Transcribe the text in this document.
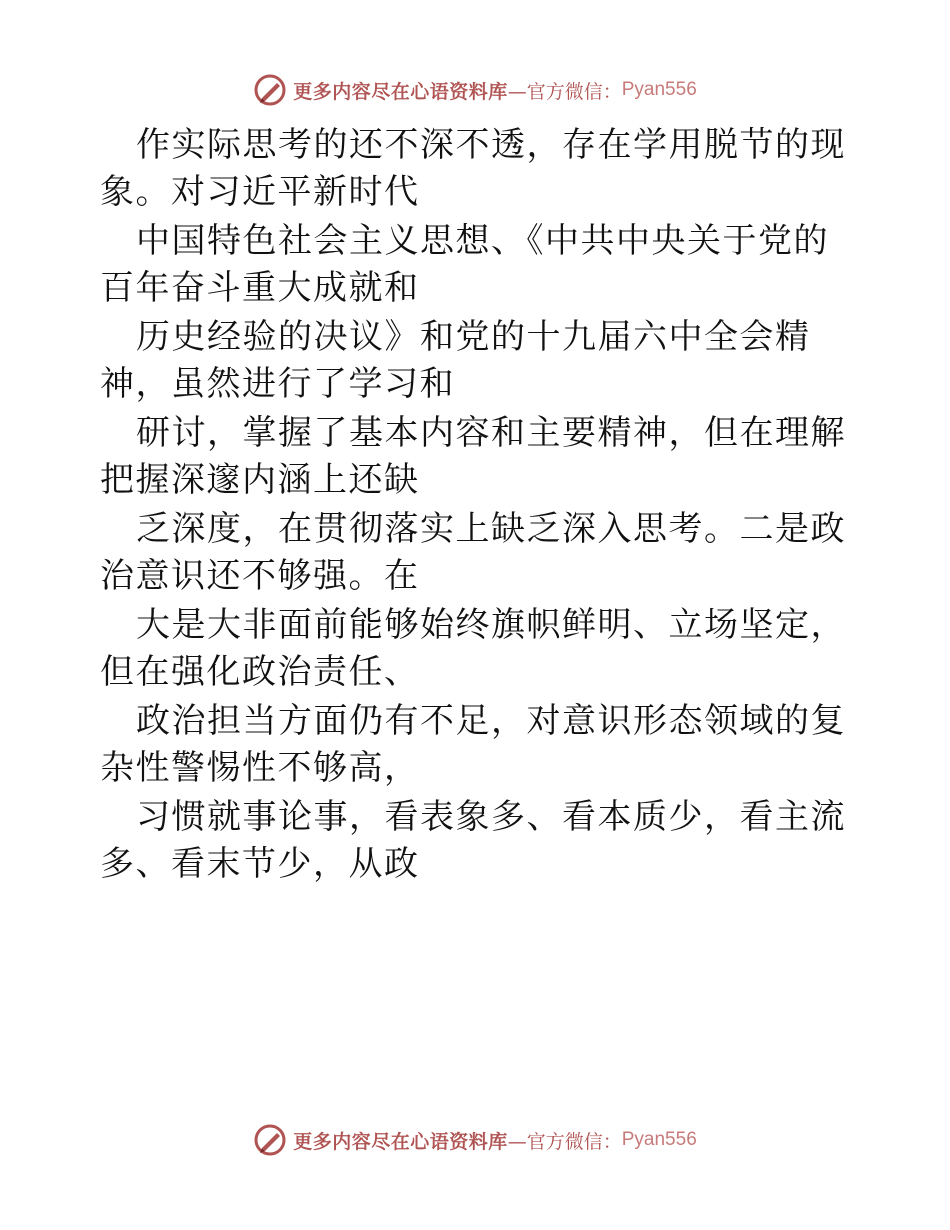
更多内容尽在心语资料库 —官方微信： Pyan556

作实际思考的还不深不透，存在学用脱节的现象。对习近平新时代

中国特色社会主义思想、《中共中央关于党的百年奋斗重大成就和

历史经验的决议》和党的十九届六中全会精神，虽然进行了学习和

研讨，掌握了基本内容和主要精神，但在理解把握深邃内涵上还缺

乏深度，在贯彻落实上缺乏深入思考。二是政治意识还不够强。在

大是大非面前能够始终旗帜鲜明、立场坚定，但在强化政治责任、

政治担当方面仍有不足，对意识形态领域的复杂性警惕性不够高，

习惯就事论事，看表象多、看本质少，看主流多、看末节少，从政

更多内容尽在心语资料库 —官方微信： Pyan556
